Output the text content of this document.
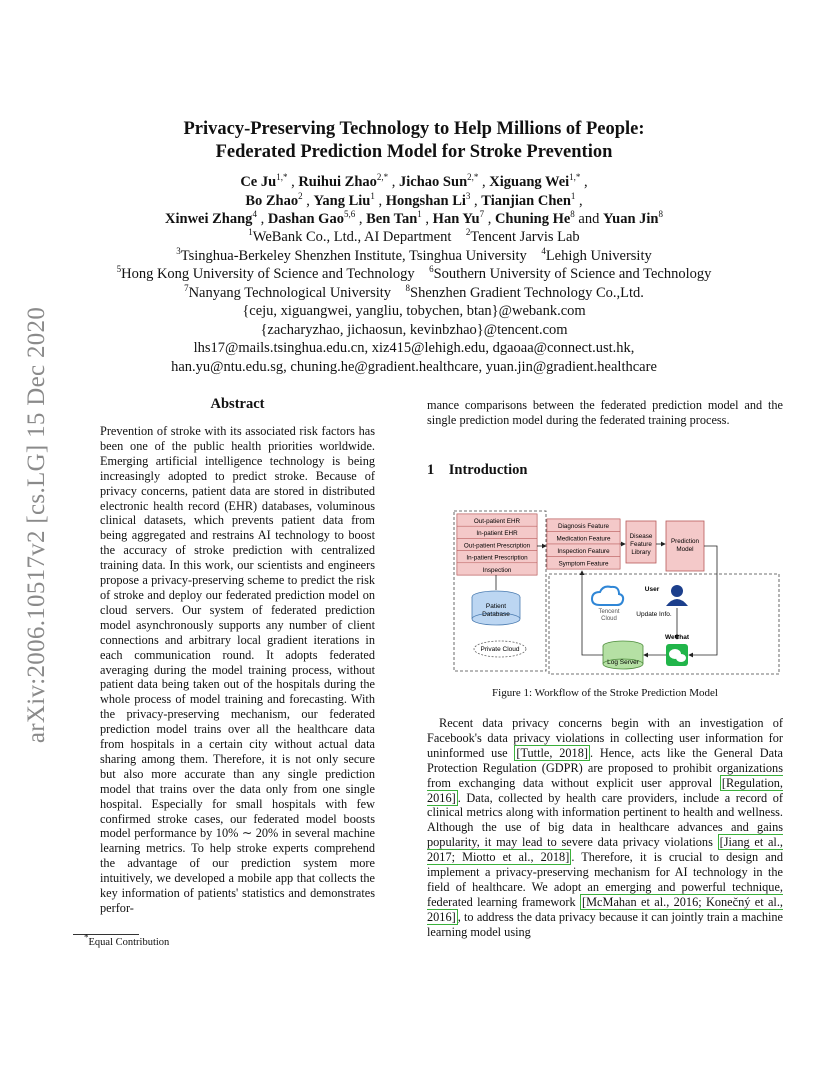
arXiv:2006.10517v2 [cs.LG] 15 Dec 2020
Privacy-Preserving Technology to Help Millions of People:
Federated Prediction Model for Stroke Prevention
Ce $Ju^{1,*}$ , Ruihui Zhao$^{2,*}$ , Jichao Sun$^{2,*}$ , Xiguang Wei$^{1,*}$ ,
Bo Zhao$^2$ , Yang Liu$^1$ , Hongshan Li$^3$ , Tianjian Chen$^1$ ,
Xinwei Zhang$^4$ , Dashan Gao$^{5,6}$ , Ben Tan$^1$ , Han Yu$^7$ , Chuning He$^8$ and Yuan Jin$^8$
$^1$WeBank Co., Ltd., AI Department $^2$Tencent Jarvis Lab
$^3$Tsinghua-Berkeley Shenzhen Institute, Tsinghua University $^4$Lehigh University
$^5$Hong Kong University of Science and Technology $^6$Southern University of Science and Technology
$^7$Nanyang Technological University $^8$Shenzhen Gradient Technology Co.,Ltd.
{ceju, xiguangwei, yangliu, tobychen, btan}@webank.com
{zacharyzhao, jichaosun, kevinbzhao}@tencent.com
lhs17@mails.tsinghua.edu.cn, xiz415@lehigh.edu, dgaoaa@connect.ust.hk,
han.yu@ntu.edu.sg, chuning.he@gradient.healthcare, yuan.jin@gradient.healthcare
Abstract
Prevention of stroke with its associated risk factors has been one of the public health priorities worldwide. Emerging artificial intelligence technology is being increasingly adopted to predict stroke. Because of privacy concerns, patient data are stored in distributed electronic health record (EHR) databases, voluminous clinical datasets, which prevents patient data from being aggregated and restrains AI technology to boost the accuracy of stroke prediction with centralized training data. In this work, our scientists and engineers propose a privacy-preserving scheme to predict the risk of stroke and deploy our federated prediction model on cloud servers. Our system of federated prediction model asynchronously supports any number of client connections and arbitrary local gradient iterations in each communication round. It adopts federated averaging during the model training process, without patient data being taken out of the hospitals during the whole process of model training and forecasting. With the privacy-preserving mechanism, our federated prediction model trains over all the healthcare data from hospitals in a certain city without actual data sharing among them. Therefore, it is not only secure but also more accurate than any single prediction model that trains over the data only from one single hospital. Especially for small hospitals with few confirmed stroke cases, our federated model boosts model performance by 10% ∼ 20% in several machine learning metrics. To help stroke experts comprehend the advantage of our prediction system more intuitively, we developed a mobile app that collects the key information of patients' statistics and demonstrates perfor-
mance comparisons between the federated prediction model and the single prediction model during the federated training process.
1 Introduction
Out-patient EHR
In-patient EHR
Out-patient Prescription
In-patient Prescription
Inspection
Diagnosis Feature
Medication Feature
Inspection Feature
Symptom Feature
Disease
Feature
Library
Prediction
Model
Patient
Database
Private Cloud
Tencent
Cloud
User
Update Info.
WeChat
Log Server
Figure 1: Workflow of the Stroke Prediction Model
Recent data privacy concerns begin with an investigation of Facebook's data privacy violations in collecting user information for uninformed use [Tuttle, 2018] . Hence, acts like the General Data Protection Regulation (GDPR) are proposed to prohibit organizations from exchanging data without explicit user approval [Regulation, 2016] . Data, collected by health care providers, include a record of clinical metrics along with information pertinent to health and wellness. Although the use of big data in healthcare advances and gains popularity, it may lead to severe data privacy violations [Jiang et al., 2017; Miotto et al., 2018] . Therefore, it is crucial to design and implement a privacy-preserving mechanism for AI technology in the field of healthcare. We adopt an emerging and powerful technique, federated learning framework [McMahan et al., 2016; Konečný et al., 2016] , to address the data privacy because it can jointly train a machine learning model using
*Equal Contribution
